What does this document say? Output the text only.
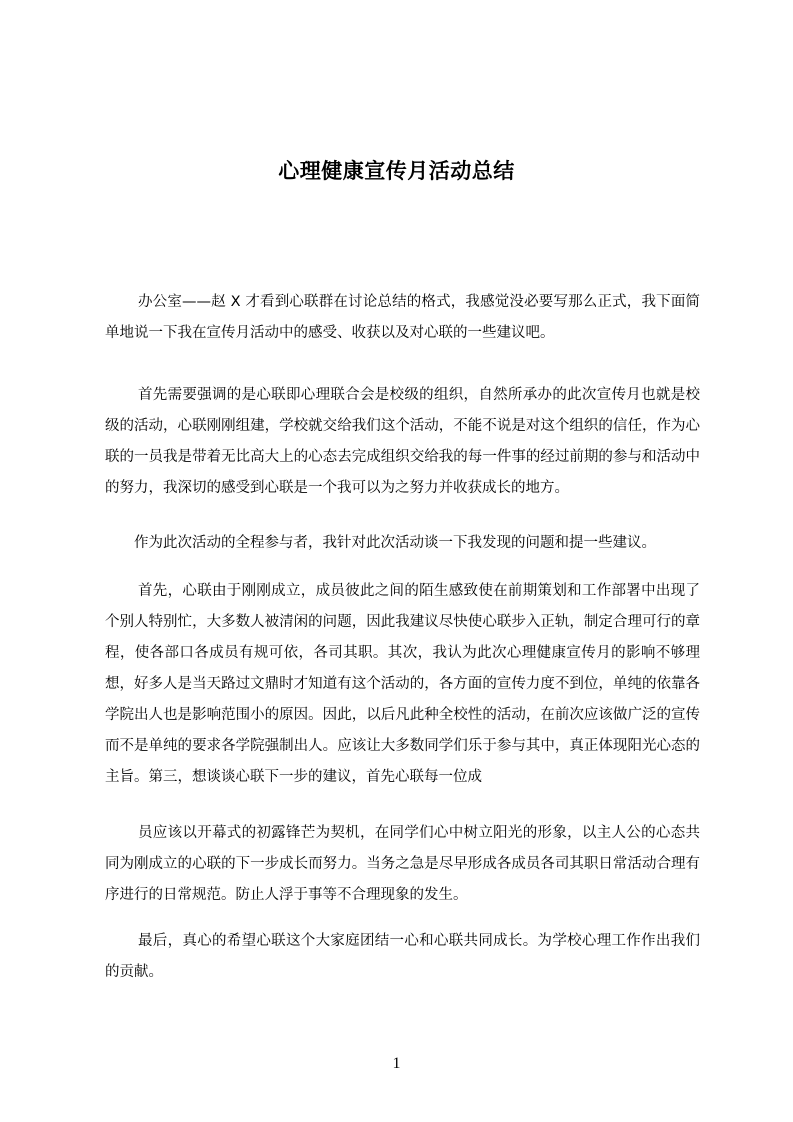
心理健康宣传月活动总结

办公室——赵 X 才看到心联群在讨论总结的格式，我感觉没必要写那么正式，我下面简单地说一下我在宣传月活动中的感受、收获以及对心联的一些建议吧。

首先需要强调的是心联即心理联合会是校级的组织，自然所承办的此次宣传月也就是校级的活动，心联刚刚组建，学校就交给我们这个活动，不能不说是对这个组织的信任，作为心联的一员我是带着无比高大上的心态去完成组织交给我的每一件事的经过前期的参与和活动中的努力，我深切的感受到心联是一个我可以为之努力并收获成长的地方。

作为此次活动的全程参与者，我针对此次活动谈一下我发现的问题和提一些建议。

首先，心联由于刚刚成立，成员彼此之间的陌生感致使在前期策划和工作部署中出现了个别人特别忙，大多数人被清闲的问题，因此我建议尽快使心联步入正轨，制定合理可行的章程，使各部口各成员有规可依，各司其职。其次，我认为此次心理健康宣传月的影响不够理想，好多人是当天路过文鼎时才知道有这个活动的，各方面的宣传力度不到位，单纯的依靠各学院出人也是影响范围小的原因。因此，以后凡此种全校性的活动，在前次应该做广泛的宣传而不是单纯的要求各学院强制出人。应该让大多数同学们乐于参与其中，真正体现阳光心态的主旨。第三，想谈谈心联下一步的建议，首先心联每一位成

员应该以开幕式的初露锋芒为契机，在同学们心中树立阳光的形象，以主人公的心态共同为刚成立的心联的下一步成长而努力。当务之急是尽早形成各成员各司其职日常活动合理有序进行的日常规范。防止人浮于事等不合理现象的发生。

最后，真心的希望心联这个大家庭团结一心和心联共同成长。为学校心理工作作出我们的贡献。

1
